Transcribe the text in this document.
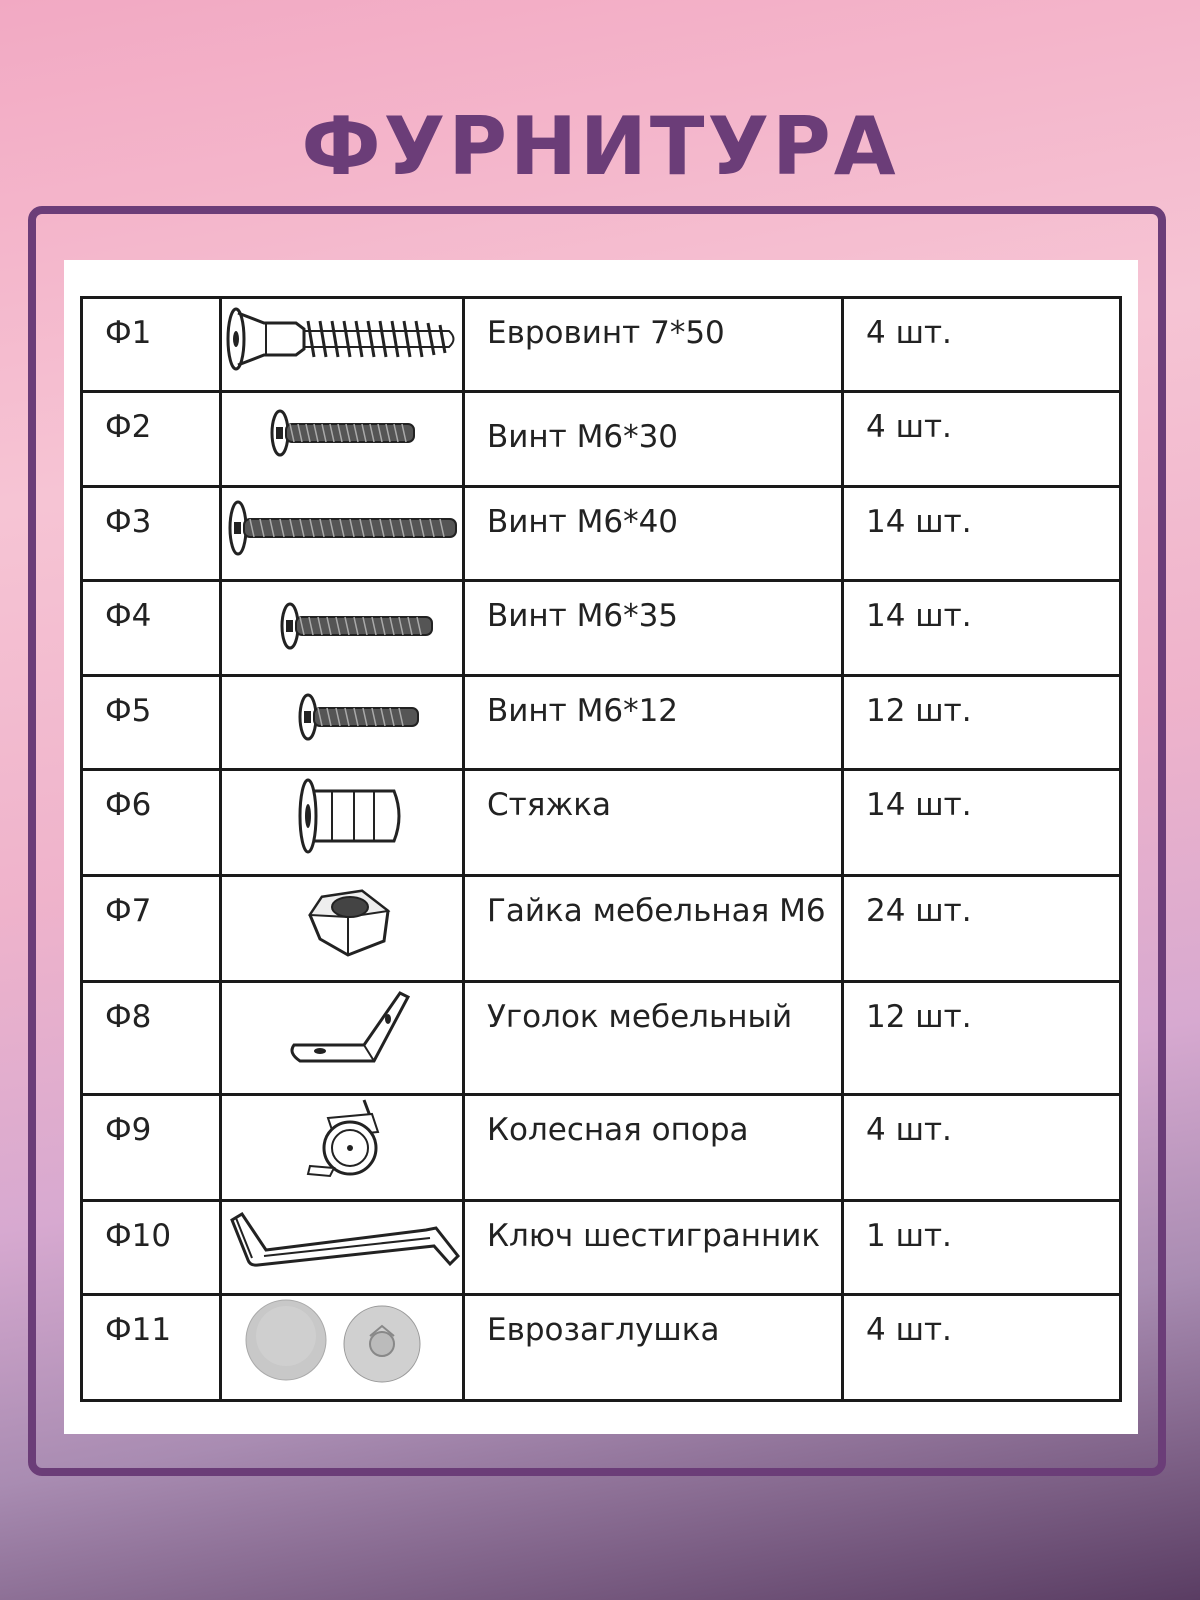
ФУРНИТУРА
Ф1		Евровинт 7*50	4 шт.

Ф2		Винт М6*30	4 шт.

Ф3		Винт М6*40	14 шт.

Ф4		Винт М6*35	14 шт.

Ф5		Винт М6*12	12 шт.

Ф6		Стяжка	14 шт.

Ф7		Гайка мебельная М6	24 шт.

Ф8		Уголок мебельный	12 шт.

Ф9		Колесная опора	4 шт.

Ф10		Ключ шестигранник	1 шт.

Ф11		Еврозаглушка	4 шт.
